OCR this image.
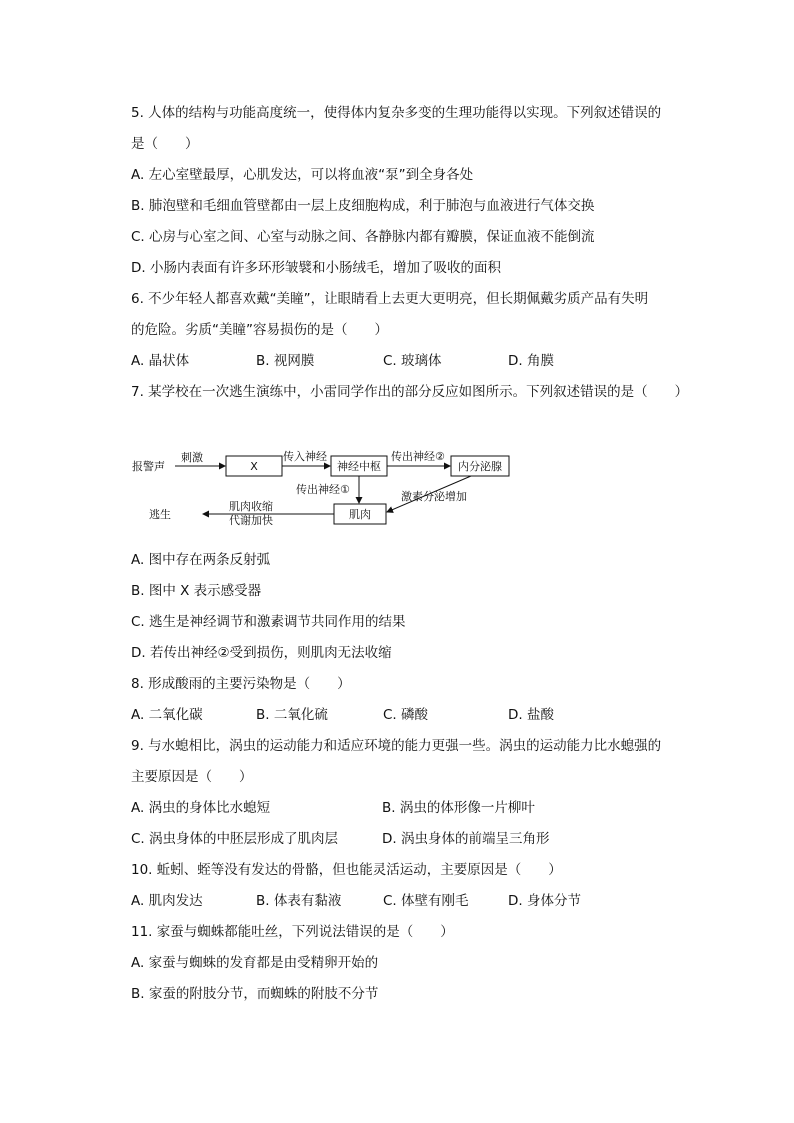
5. 人体的结构与功能高度统一，使得体内复杂多变的生理功能得以实现。下列叙述错误的
是（　　）
A. 左心室壁最厚，心肌发达，可以将血液“泵”到全身各处
B. 肺泡壁和毛细血管壁都由一层上皮细胞构成，利于肺泡与血液进行气体交换
C. 心房与心室之间、心室与动脉之间、各静脉内都有瓣膜，保证血液不能倒流
D. 小肠内表面有许多环形皱襞和小肠绒毛，增加了吸收的面积
6. 不少年轻人都喜欢戴“美瞳”，让眼睛看上去更大更明亮，但长期佩戴劣质产品有失明
的危险。劣质“美瞳”容易损伤的是（　　）
A. 晶状体	B. 视网膜	C. 玻璃体	D. 角膜
7. 某学校在一次逃生演练中，小雷同学作出的部分反应如图所示。下列叙述错误的是（　　）
报警声
刺激
X
传入神经
神经中枢
传出神经②
内分泌腺
传出神经①
激素分泌增加
肌肉
肌肉收缩
代谢加快
逃生
A. 图中存在两条反射弧
B. 图中 X 表示感受器
C. 逃生是神经调节和激素调节共同作用的结果
D. 若传出神经②受到损伤，则肌肉无法收缩
8. 形成酸雨的主要污染物是（　　）
A. 二氧化碳	B. 二氧化硫	C. 磷酸	D. 盐酸
9. 与水螅相比，涡虫的运动能力和适应环境的能力更强一些。涡虫的运动能力比水螅强的
主要原因是（　　）
A. 涡虫的身体比水螅短	B. 涡虫的体形像一片柳叶
C. 涡虫身体的中胚层形成了肌肉层	D. 涡虫身体的前端呈三角形
10. 蚯蚓、蛭等没有发达的骨骼，但也能灵活运动，主要原因是（　　）
A. 肌肉发达	B. 体表有黏液	C. 体壁有刚毛	D. 身体分节
11. 家蚕与蜘蛛都能吐丝，下列说法错误的是（　　）
A. 家蚕与蜘蛛的发育都是由受精卵开始的
B. 家蚕的附肢分节，而蜘蛛的附肢不分节
